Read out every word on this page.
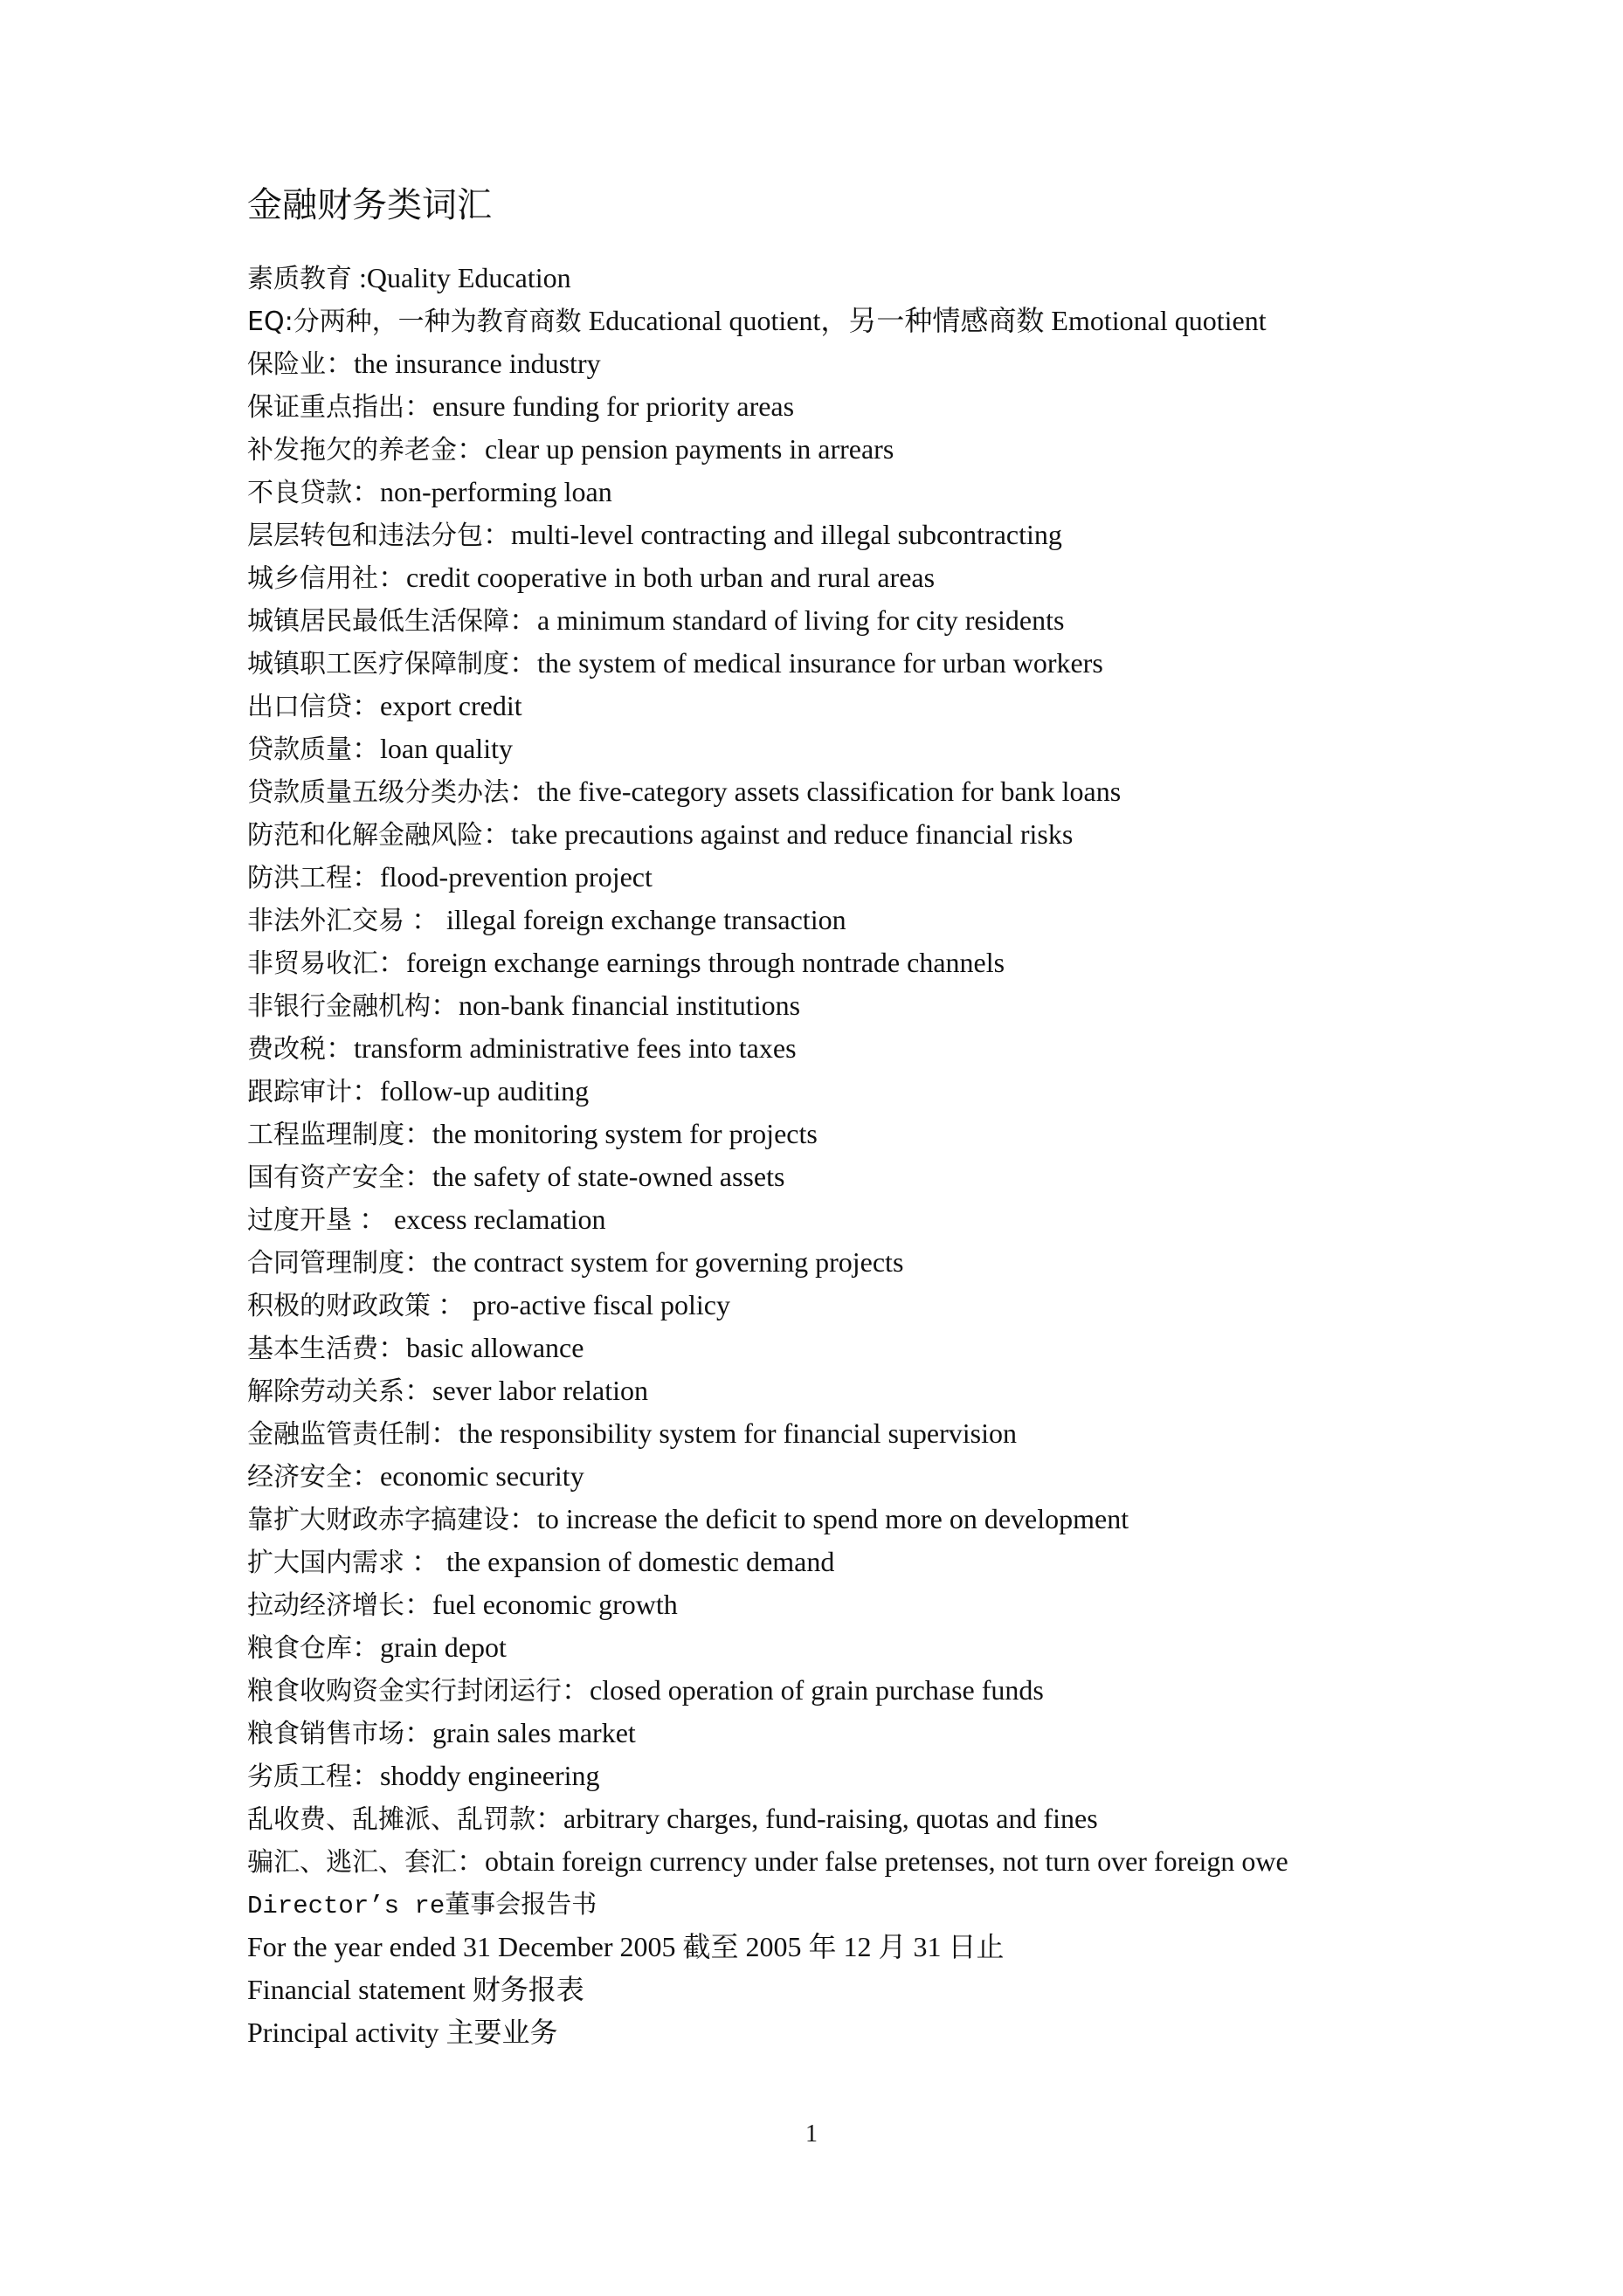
金融财务类词汇
素质教育 :Quality Education
EQ:分两种，一种为教育商数 Educational quotient，另一种情感商数 Emotional quotient
保险业：the insurance industry
保证重点指出：ensure funding for priority areas
补发拖欠的养老金：clear up pension payments in arrears
不良贷款：non-performing loan
层层转包和违法分包：multi-level contracting and illegal subcontracting
城乡信用社：credit cooperative in both urban and rural areas
城镇居民最低生活保障：a minimum standard of living for city residents
城镇职工医疗保障制度：the system of medical insurance for urban workers
出口信贷：export credit
贷款质量：loan quality
贷款质量五级分类办法：the five-category assets classification for bank loans
防范和化解金融风险：take precautions against and reduce financial risks
防洪工程：flood-prevention project
非法外汇交易 ： illegal foreign exchange transaction
非贸易收汇：foreign exchange earnings through nontrade channels
非银行金融机构：non-bank financial institutions
费改税：transform administrative fees into taxes
跟踪审计：follow-up auditing
工程监理制度：the monitoring system for projects
国有资产安全：the safety of state-owned assets
过度开垦 ： excess reclamation
合同管理制度：the contract system for governing projects
积极的财政政策 ： pro-active fiscal policy
基本生活费：basic allowance
解除劳动关系：sever labor relation
金融监管责任制：the responsibility system for financial supervision
经济安全：economic security
靠扩大财政赤字搞建设：to increase the deficit to spend more on development
扩大国内需求 ： the expansion of domestic demand
拉动经济增长：fuel economic growth
粮食仓库：grain depot
粮食收购资金实行封闭运行：closed operation of grain purchase funds
粮食销售市场：grain sales market
劣质工程：shoddy engineering
乱收费、乱摊派、乱罚款：arbitrary charges, fund-raising, quotas and fines
骗汇、逃汇、套汇：obtain foreign currency under false pretenses, not turn over foreign owe
Director’s re董事会报告书
For the year ended 31 December 2005 截至 2005 年 12 月 31 日止
Financial statement 财务报表
Principal activity 主要业务
1
